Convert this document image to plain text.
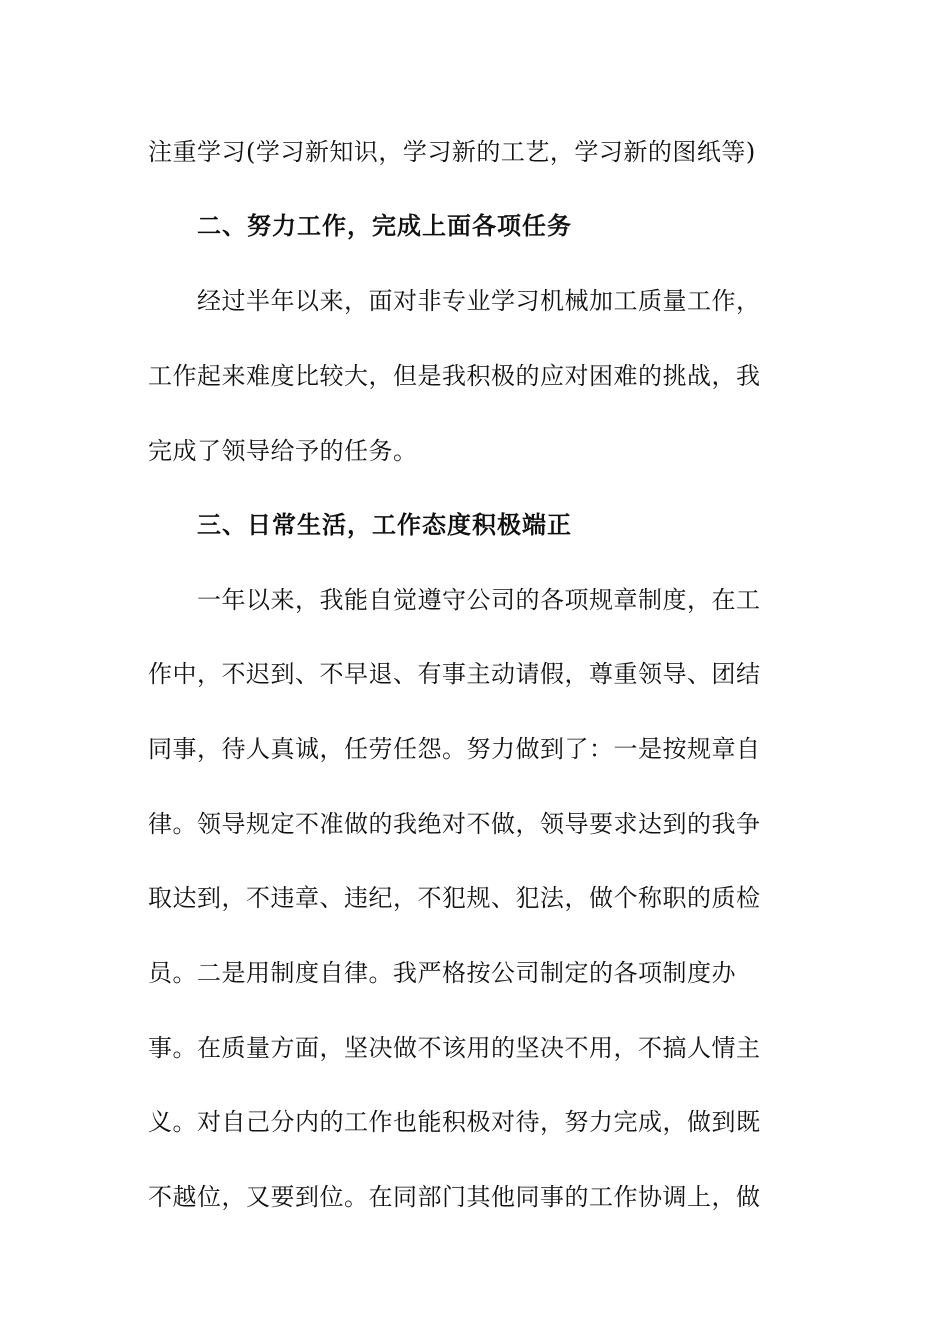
注重学习(学习新知识，学习新的工艺，学习新的图纸等)
二、努力工作，完成上面各项任务
经过半年以来，面对非专业学习机械加工质量工作，
工作起来难度比较大，但是我积极的应对困难的挑战，我
完成了领导给予的任务。
三、日常生活，工作态度积极端正
一年以来，我能自觉遵守公司的各项规章制度，在工
作中，不迟到、不早退、有事主动请假，尊重领导、团结
同事，待人真诚，任劳任怨。努力做到了：一是按规章自
律。领导规定不准做的我绝对不做，领导要求达到的我争
取达到，不违章、违纪，不犯规、犯法，做个称职的质检
员。二是用制度自律。我严格按公司制定的各项制度办
事。在质量方面，坚决做不该用的坚决不用，不搞人情主
义。对自己分内的工作也能积极对待，努力完成，做到既
不越位，又要到位。在同部门其他同事的工作协调上，做
